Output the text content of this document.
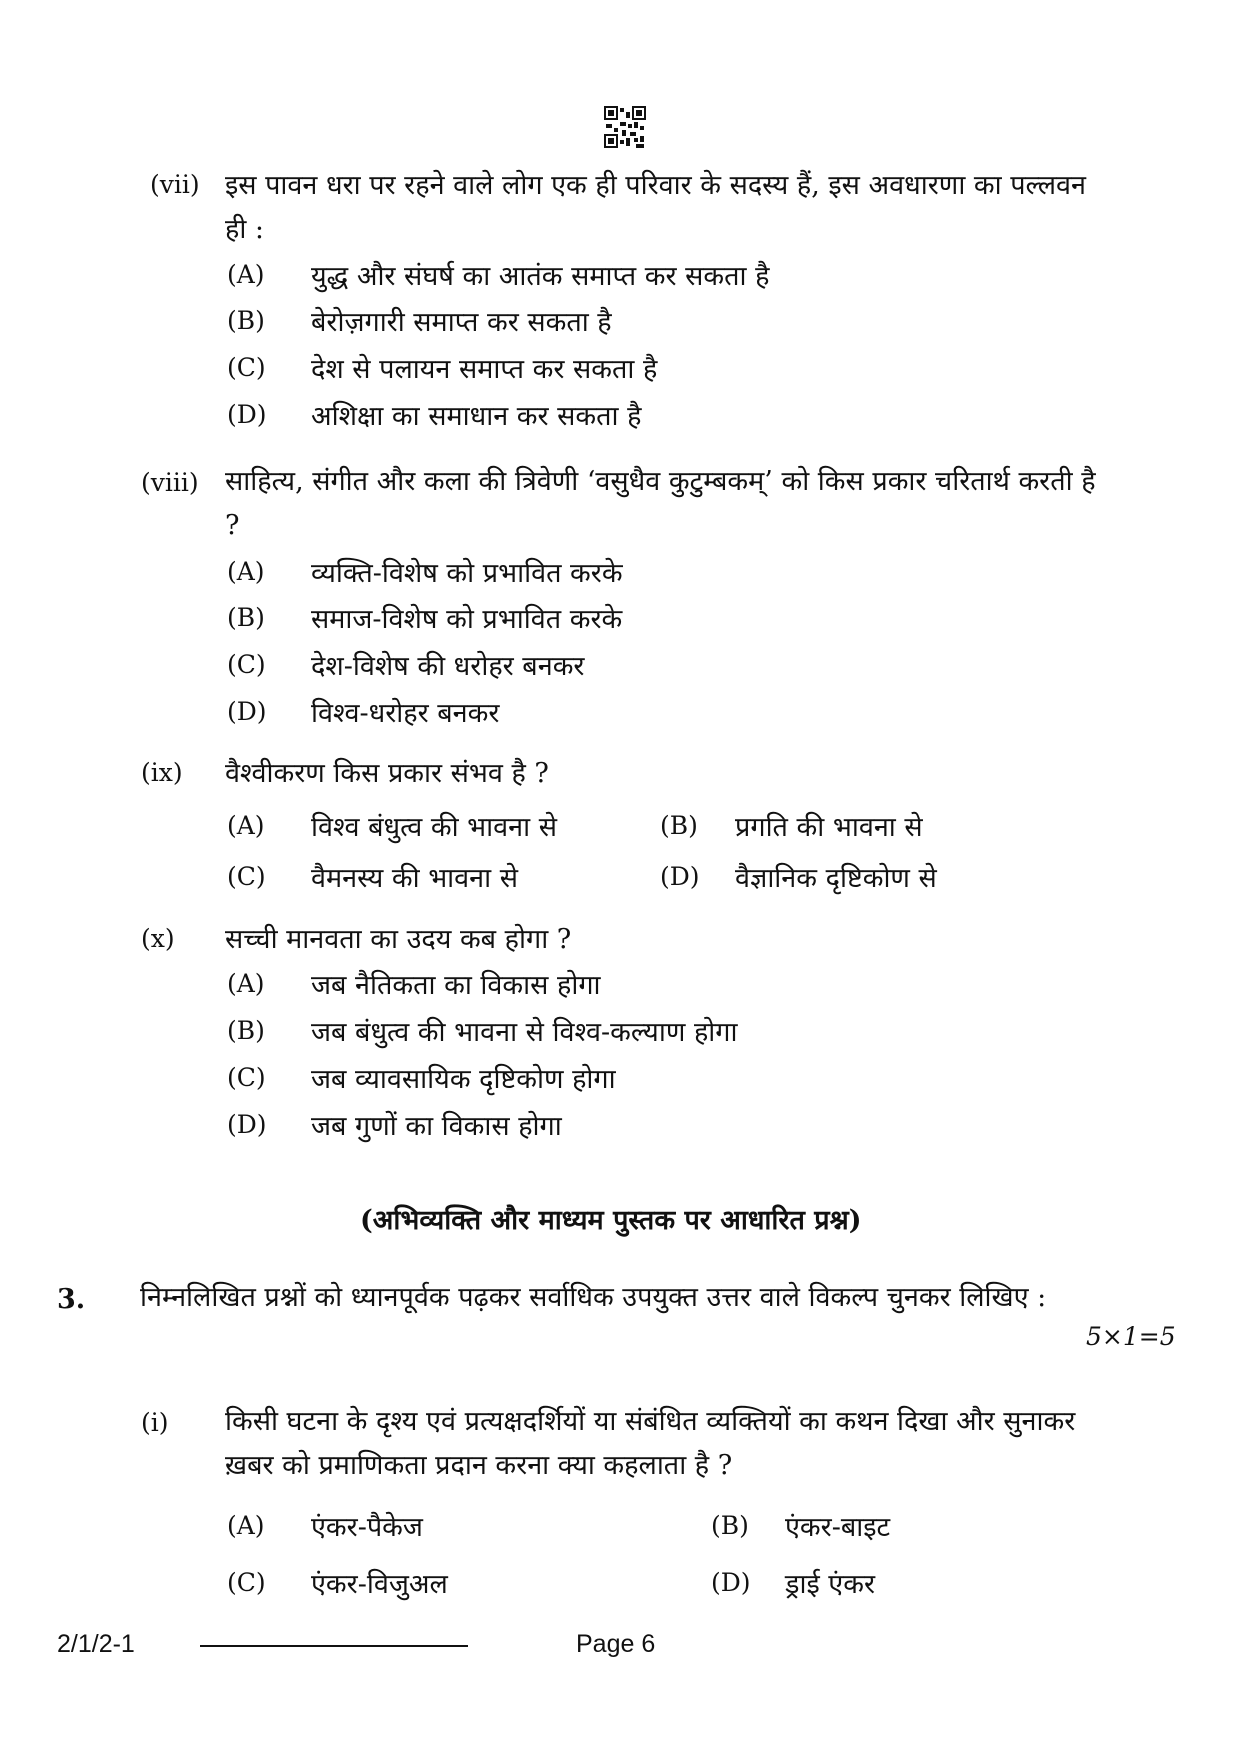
(vii) इस पावन धरा पर रहने वाले लोग एक ही परिवार के सदस्य हैं, इस अवधारणा का पल्लवन ही :
(A) युद्ध और संघर्ष का आतंक समाप्त कर सकता है
(B) बेरोज़गारी समाप्त कर सकता है
(C) देश से पलायन समाप्त कर सकता है
(D) अशिक्षा का समाधान कर सकता है
(viii) साहित्य, संगीत और कला की त्रिवेणी ‘वसुधैव कुटुम्बकम्’ को किस प्रकार चरितार्थ करती है ?
(A) व्यक्ति-विशेष को प्रभावित करके
(B) समाज-विशेष को प्रभावित करके
(C) देश-विशेष की धरोहर बनकर
(D) विश्व-धरोहर बनकर
(ix) वैश्वीकरण किस प्रकार संभव है ?
(A) विश्व बंधुत्व की भावना से	(B) प्रगति की भावना से
(C) वैमनस्य की भावना से	(D) वैज्ञानिक दृष्टिकोण से
(x) सच्ची मानवता का उदय कब होगा ?
(A) जब नैतिकता का विकास होगा
(B) जब बंधुत्व की भावना से विश्व-कल्याण होगा
(C) जब व्यावसायिक दृष्टिकोण होगा
(D) जब गुणों का विकास होगा
(अभिव्यक्ति और माध्यम पुस्तक पर आधारित प्रश्न)
3. निम्नलिखित प्रश्नों को ध्यानपूर्वक पढ़कर सर्वाधिक उपयुक्त उत्तर वाले विकल्प चुनकर लिखिए :
5×1=5
(i) किसी घटना के दृश्य एवं प्रत्यक्षदर्शियों या संबंधित व्यक्तियों का कथन दिखा और सुनाकर ख़बर को प्रमाणिकता प्रदान करना क्या कहलाता है ?
(A) एंकर-पैकेज	(B) एंकर-बाइट
(C) एंकर-विजुअल	(D) ड्राई एंकर
2/1/2-1	Page 6
